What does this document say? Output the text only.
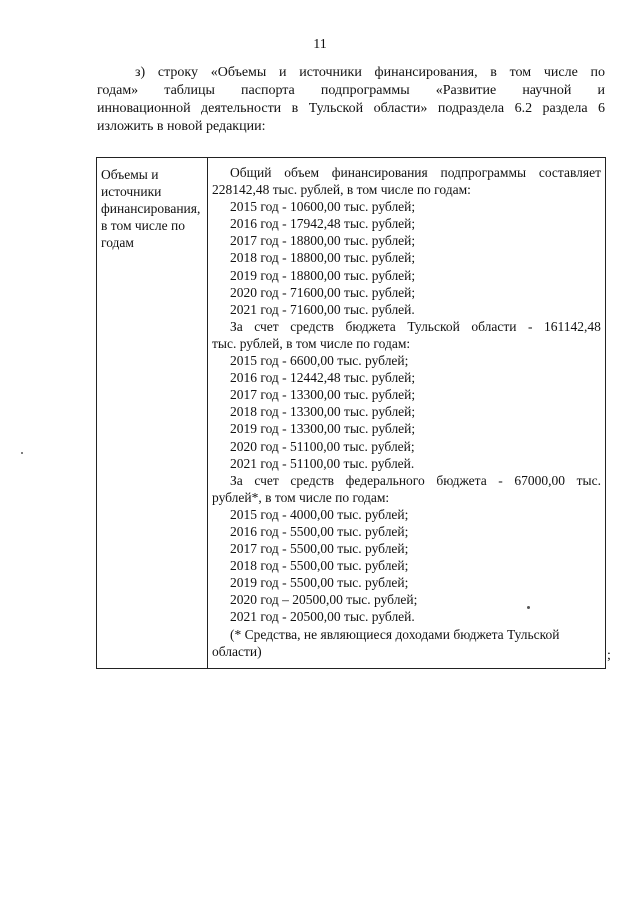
11
з) строку «Объемы и источники финансирования, в том числе по
годам» таблицы паспорта подпрограммы «Развитие научной и
инновационной деятельности в Тульской области» подраздела 6.2 раздела 6
изложить в новой редакции:
Объемы и
источники
финансирования,
в том числе по
годам
Общий объем финансирования подпрограммы составляет
228142,48 тыс. рублей, в том числе по годам:
2015 год - 10600,00 тыс. рублей;
2016 год - 17942,48 тыс. рублей;
2017 год - 18800,00 тыс. рублей;
2018 год - 18800,00 тыс. рублей;
2019 год - 18800,00 тыс. рублей;
2020 год - 71600,00 тыс. рублей;
2021 год - 71600,00 тыс. рублей.
За счет средств бюджета Тульской области - 161142,48
тыс. рублей, в том числе по годам:
2015 год - 6600,00 тыс. рублей;
2016 год - 12442,48 тыс. рублей;
2017 год - 13300,00 тыс. рублей;
2018 год - 13300,00 тыс. рублей;
2019 год - 13300,00 тыс. рублей;
2020 год - 51100,00 тыс. рублей;
2021 год - 51100,00 тыс. рублей.
За счет средств федерального бюджета - 67000,00 тыс.
рублей*, в том числе по годам:
2015 год - 4000,00 тыс. рублей;
2016 год - 5500,00 тыс. рублей;
2017 год - 5500,00 тыс. рублей;
2018 год - 5500,00 тыс. рублей;
2019 год - 5500,00 тыс. рублей;
2020 год – 20500,00 тыс. рублей;
2021 год - 20500,00 тыс. рублей.
(* Средства, не являющиеся доходами бюджета Тульской
области)	;
